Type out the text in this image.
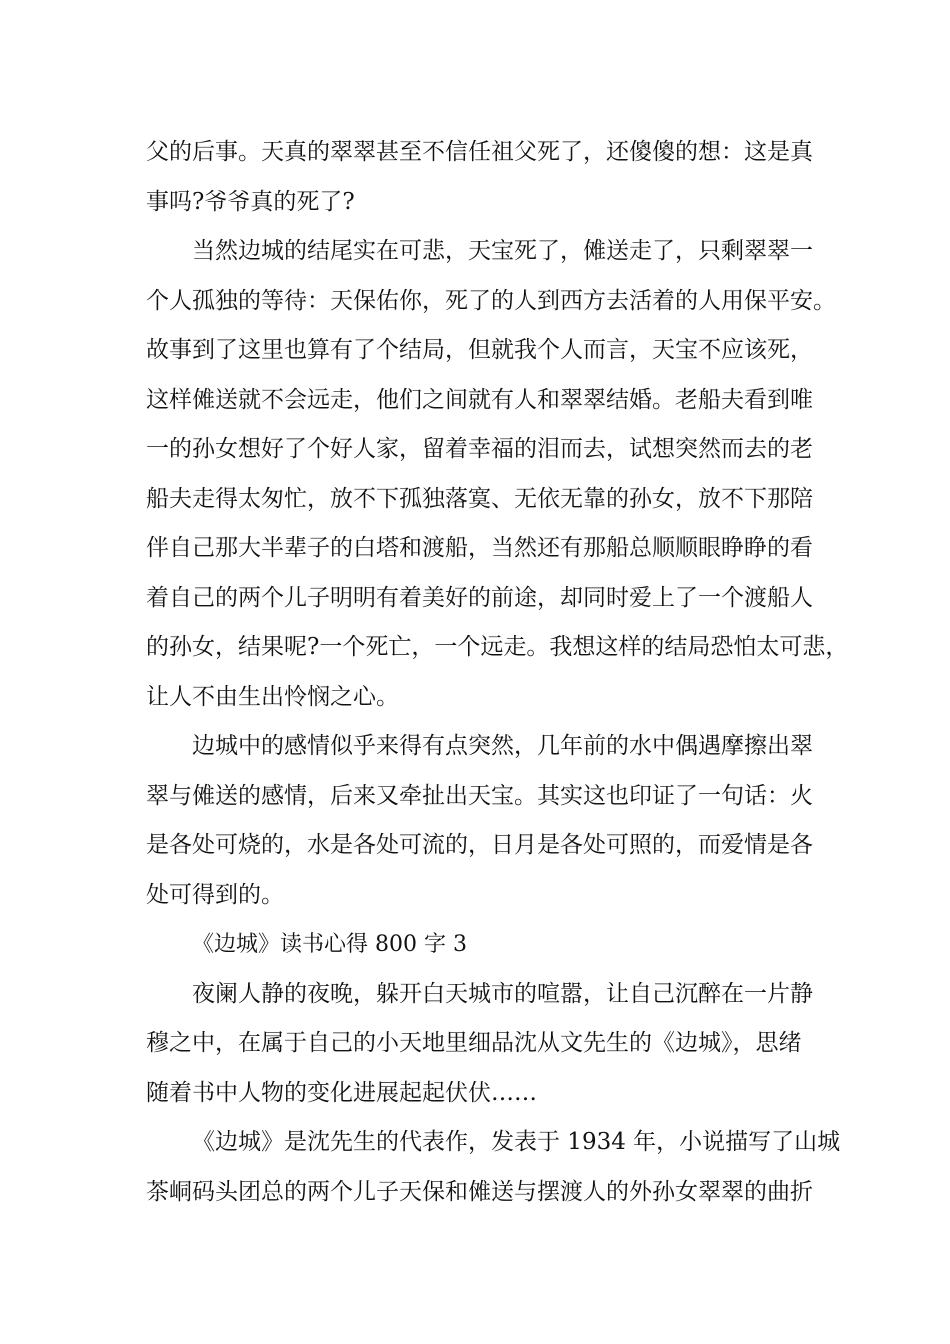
父的后事。天真的翠翠甚至不信任祖父死了，还傻傻的想：这是真
事吗?爷爷真的死了?
当然边城的结尾实在可悲，天宝死了，傩送走了，只剩翠翠一
个人孤独的等待：天保佑你，死了的人到西方去活着的人用保平安。
故事到了这里也算有了个结局，但就我个人而言，天宝不应该死，
这样傩送就不会远走，他们之间就有人和翠翠结婚。老船夫看到唯
一的孙女想好了个好人家，留着幸福的泪而去，试想突然而去的老
船夫走得太匆忙，放不下孤独落寞、无依无靠的孙女，放不下那陪
伴自己那大半辈子的白塔和渡船，当然还有那船总顺顺眼睁睁的看
着自己的两个儿子明明有着美好的前途，却同时爱上了一个渡船人
的孙女，结果呢?一个死亡，一个远走。我想这样的结局恐怕太可悲，
让人不由生出怜悯之心。
边城中的感情似乎来得有点突然，几年前的水中偶遇摩擦出翠
翠与傩送的感情，后来又牵扯出天宝。其实这也印证了一句话：火
是各处可烧的，水是各处可流的，日月是各处可照的，而爱情是各
处可得到的。
《边城》读书心得 800 字 3
夜阑人静的夜晚，躲开白天城市的喧嚣，让自己沉醉在一片静
穆之中，在属于自己的小天地里细品沈从文先生的《边城》，思绪
随着书中人物的变化进展起起伏伏……
《边城》是沈先生的代表作，发表于 1934 年，小说描写了山城
茶峒码头团总的两个儿子天保和傩送与摆渡人的外孙女翠翠的曲折
